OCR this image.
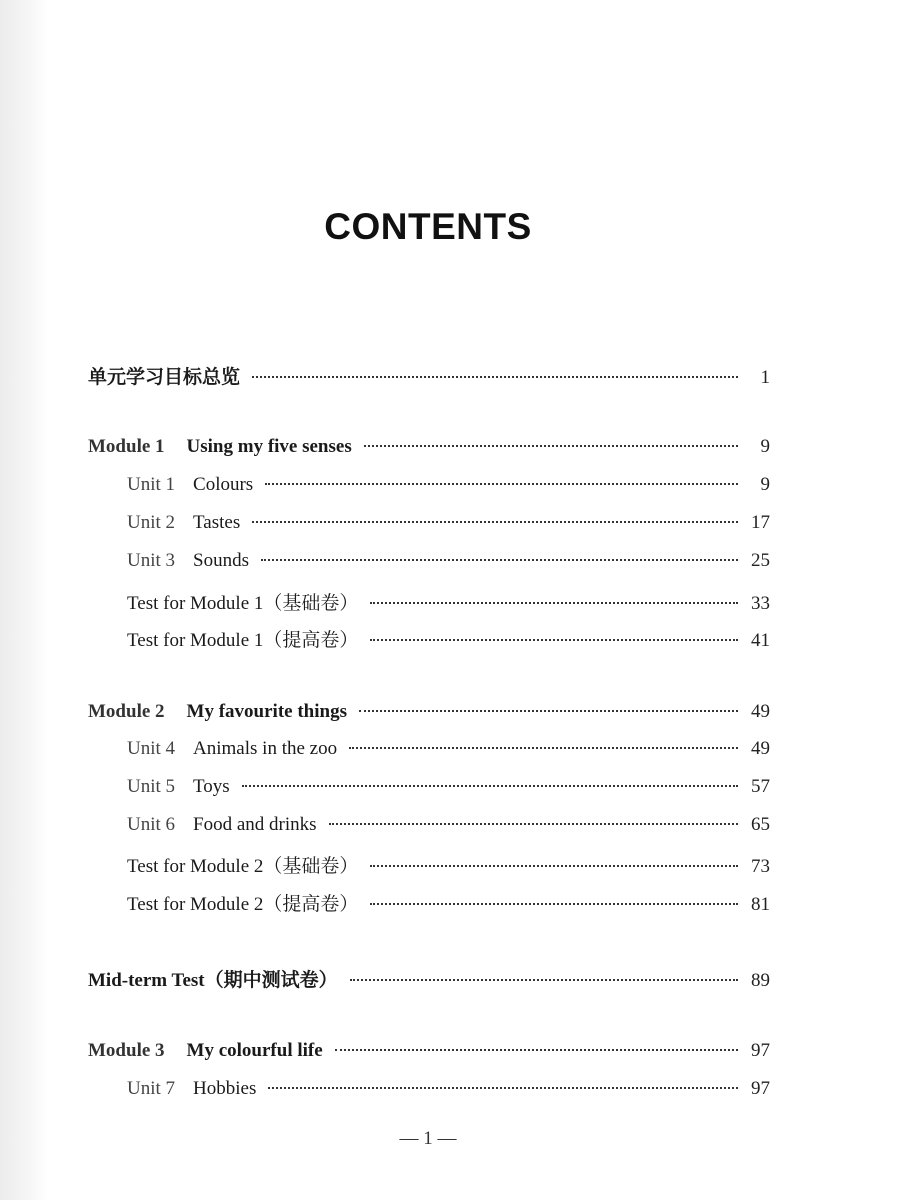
CONTENTS
单元学习目标总览	1
Module 1 Using my five senses	9
Unit 1 Colours	9
Unit 2 Tastes	17
Unit 3 Sounds	25
Test for Module 1（基础卷）	33
Test for Module 1（提高卷）	41
Module 2 My favourite things	49
Unit 4 Animals in the zoo	49
Unit 5 Toys	57
Unit 6 Food and drinks	65
Test for Module 2（基础卷）	73
Test for Module 2（提高卷）	81
Mid-term Test（期中测试卷）	89
Module 3 My colourful life	97
Unit 7 Hobbies	97
— 1 —
